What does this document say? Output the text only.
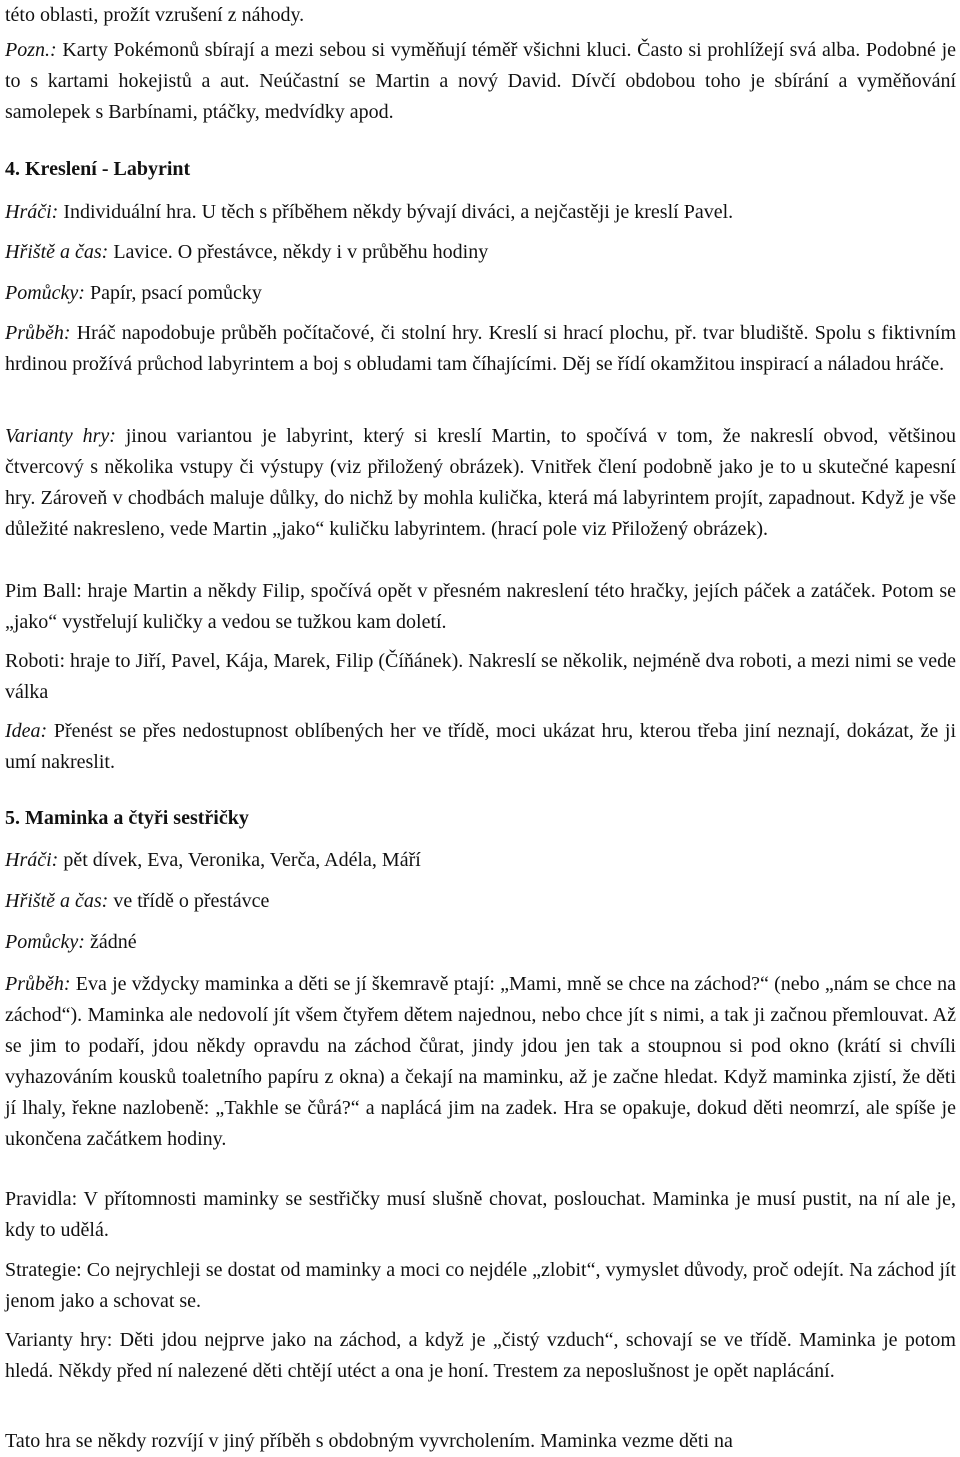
této oblasti, prožít vzrušení z náhody.

Pozn.: Karty Pokémonů sbírají a mezi sebou si vyměňují téměř všichni kluci. Často si prohlížejí svá alba. Podobné je to s kartami hokejistů a aut. Neúčastní se Martin a nový David. Dívčí obdobou toho je sbírání a vyměňování samolepek s Barbínami, ptáčky, medvídky apod.

4. Kreslení - Labyrint

Hráči: Individuální hra. U těch s příběhem někdy bývají diváci, a nejčastěji je kreslí Pavel.

Hřiště a čas: Lavice. O přestávce, někdy i v průběhu hodiny

Pomůcky: Papír, psací pomůcky

Průběh: Hráč napodobuje průběh počítačové, či stolní hry. Kreslí si hrací plochu, př. tvar bludiště. Spolu s fiktivním hrdinou prožívá průchod labyrintem a boj s obludami tam číhajícími. Děj se řídí okamžitou inspirací a náladou hráče.

Varianty hry: jinou variantou je labyrint, který si kreslí Martin, to spočívá v tom, že nakreslí obvod, většinou čtvercový s několika vstupy či výstupy (viz přiložený obrázek). Vnitřek člení podobně jako je to u skutečné kapesní hry. Zároveň v chodbách maluje důlky, do nichž by mohla kulička, která má labyrintem projít, zapadnout. Když je vše důležité nakresleno, vede Martin „jako“ kuličku labyrintem. (hrací pole viz Přiložený obrázek).

Pim Ball: hraje Martin a někdy Filip, spočívá opět v přesném nakreslení této hračky, jejích páček a zatáček. Potom se „jako“ vystřelují kuličky a vedou se tužkou kam doletí.

Roboti: hraje to Jiří, Pavel, Kája, Marek, Filip (Číňánek). Nakreslí se několik, nejméně dva roboti, a mezi nimi se vede válka

Idea: Přenést se přes nedostupnost oblíbených her ve třídě, moci ukázat hru, kterou třeba jiní neznají, dokázat, že ji umí nakreslit.

5. Maminka a čtyři sestřičky

Hráči: pět dívek, Eva, Veronika, Verča, Adéla, Máří

Hřiště a čas: ve třídě o přestávce

Pomůcky: žádné

Průběh: Eva je vždycky maminka a děti se jí škemravě ptají: „Mami, mně se chce na záchod?“ (nebo „nám se chce na záchod“). Maminka ale nedovolí jít všem čtyřem dětem najednou, nebo chce jít s nimi, a tak ji začnou přemlouvat. Až se jim to podaří, jdou někdy opravdu na záchod čůrat, jindy jdou jen tak a stoupnou si pod okno (krátí si chvíli vyhazováním kousků toaletního papíru z okna) a čekají na maminku, až je začne hledat. Když maminka zjistí, že děti jí lhaly, řekne nazlobeně: „Takhle se čůrá?“ a naplácá jim na zadek. Hra se opakuje, dokud děti neomrzí, ale spíše je ukončena začátkem hodiny.

Pravidla: V přítomnosti maminky se sestřičky musí slušně chovat, poslouchat. Maminka je musí pustit, na ní ale je, kdy to udělá.

Strategie: Co nejrychleji se dostat od maminky a moci co nejdéle „zlobit“, vymyslet důvody, proč odejít. Na záchod jít jenom jako a schovat se.

Varianty hry: Děti jdou nejprve jako na záchod, a když je „čistý vzduch“, schovají se ve třídě. Maminka je potom hledá. Někdy před ní nalezené děti chtějí utéct a ona je honí. Trestem za neposlušnost je opět naplácání.

Tato hra se někdy rozvíjí v jiný příběh s obdobným vyvrcholením. Maminka vezme děti na
